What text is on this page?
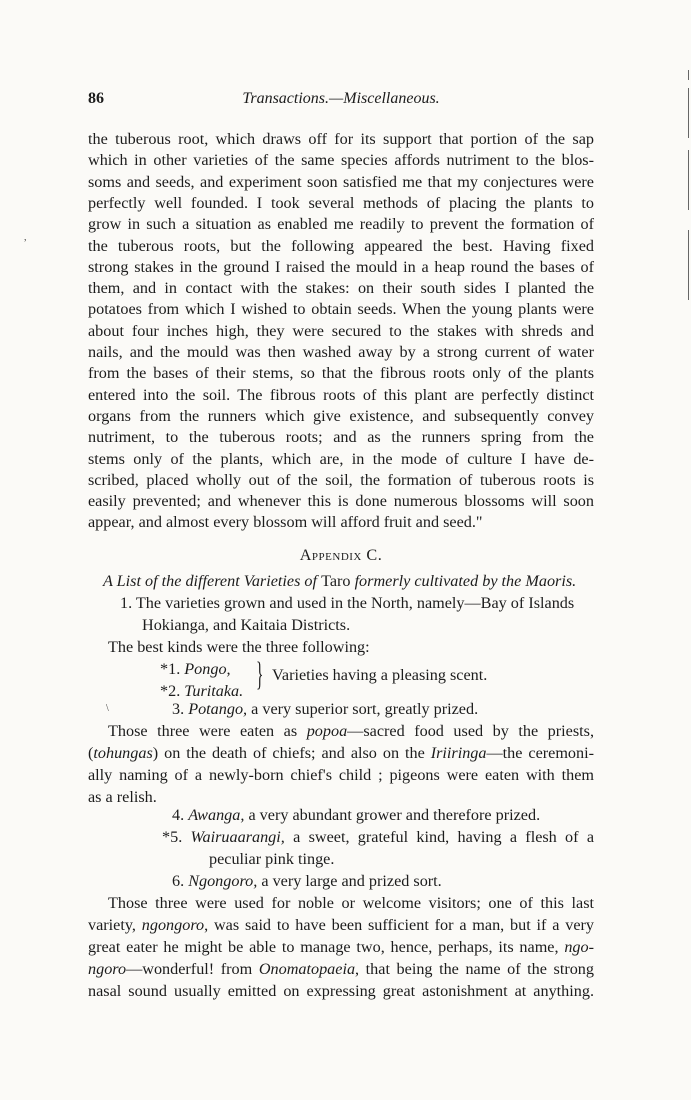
86	Transactions.—Miscellaneous.
the tuberous root, which draws off for its support that portion of the sap
which in other varieties of the same species affords nutriment to the blos-
soms and seeds, and experiment soon satisfied me that my conjectures were
perfectly well founded. I took several methods of placing the plants to
grow in such a situation as enabled me readily to prevent the formation of
the tuberous roots, but the following appeared the best. Having fixed
strong stakes in the ground I raised the mould in a heap round the bases of
them, and in contact with the stakes: on their south sides I planted the
potatoes from which I wished to obtain seeds. When the young plants were
about four inches high, they were secured to the stakes with shreds and
nails, and the mould was then washed away by a strong current of water
from the bases of their stems, so that the fibrous roots only of the plants
entered into the soil. The fibrous roots of this plant are perfectly distinct
organs from the runners which give existence, and subsequently convey
nutriment, to the tuberous roots; and as the runners spring from the
stems only of the plants, which are, in the mode of culture I have de-
scribed, placed wholly out of the soil, the formation of tuberous roots is
easily prevented; and whenever this is done numerous blossoms will soon
appear, and almost every blossom will afford fruit and seed."
Appendix C.
A List of the different Varieties of Taro formerly cultivated by the Maoris.
1. The varieties grown and used in the North, namely—Bay of Islands
Hokianga, and Kaitaia Districts.
The best kinds were the three following:
*1. Pongo,
*2. Turitaka. } Varieties having a pleasing scent.
3. Potango, a very superior sort, greatly prized.
Those three were eaten as popoa—sacred food used by the priests,
(tohungas) on the death of chiefs; and also on the Iriiringa—the ceremoni-
ally naming of a newly-born chief's child ; pigeons were eaten with them
as a relish.
4. Awanga, a very abundant grower and therefore prized.
*5. Wairuaarangi, a sweet, grateful kind, having a flesh of a
peculiar pink tinge.
6. Ngongoro, a very large and prized sort.
Those three were used for noble or welcome visitors; one of this last
variety, ngongoro, was said to have been sufficient for a man, but if a very
great eater he might be able to manage two, hence, perhaps, its name, ngo-
ngoro—wonderful! from Onomatopaeia, that being the name of the strong
nasal sound usually emitted on expressing great astonishment at anything.
,
\
